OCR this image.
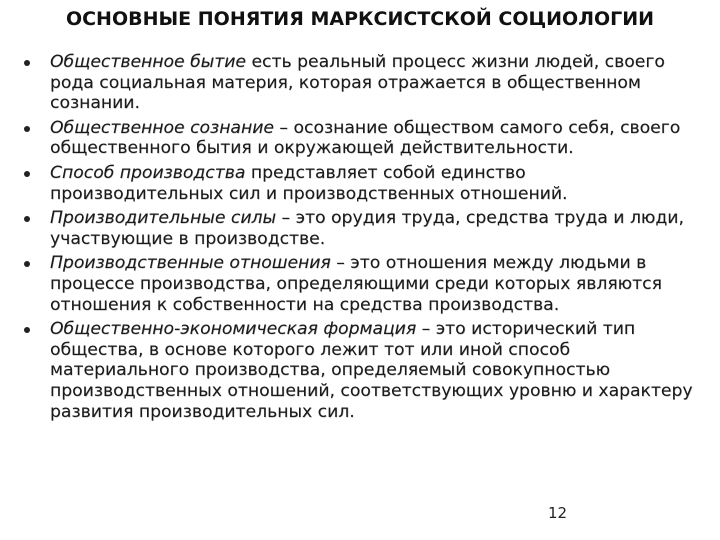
ОСНОВНЫЕ ПОНЯТИЯ МАРКСИСТСКОЙ СОЦИОЛОГИИ
Общественное бытие есть реальный процесс жизни людей, своего рода социальная материя, которая отражается в общественном сознании.
Общественное сознание – осознание обществом самого себя, своего общественного бытия и окружающей действительности.
Способ производства представляет собой единство производительных сил и производственных отношений.
Производительные силы – это орудия труда, средства труда и люди, участвующие в производстве.
Производственные отношения – это отношения между людьми в процессе производства, определяющими среди которых являются отношения к собственности на средства производства.
Общественно-экономическая формация – это исторический тип общества, в основе которого лежит тот или иной способ материального производства, определяемый совокупностью производственных отношений, соответствующих уровню и характеру развития производительных сил.
12
